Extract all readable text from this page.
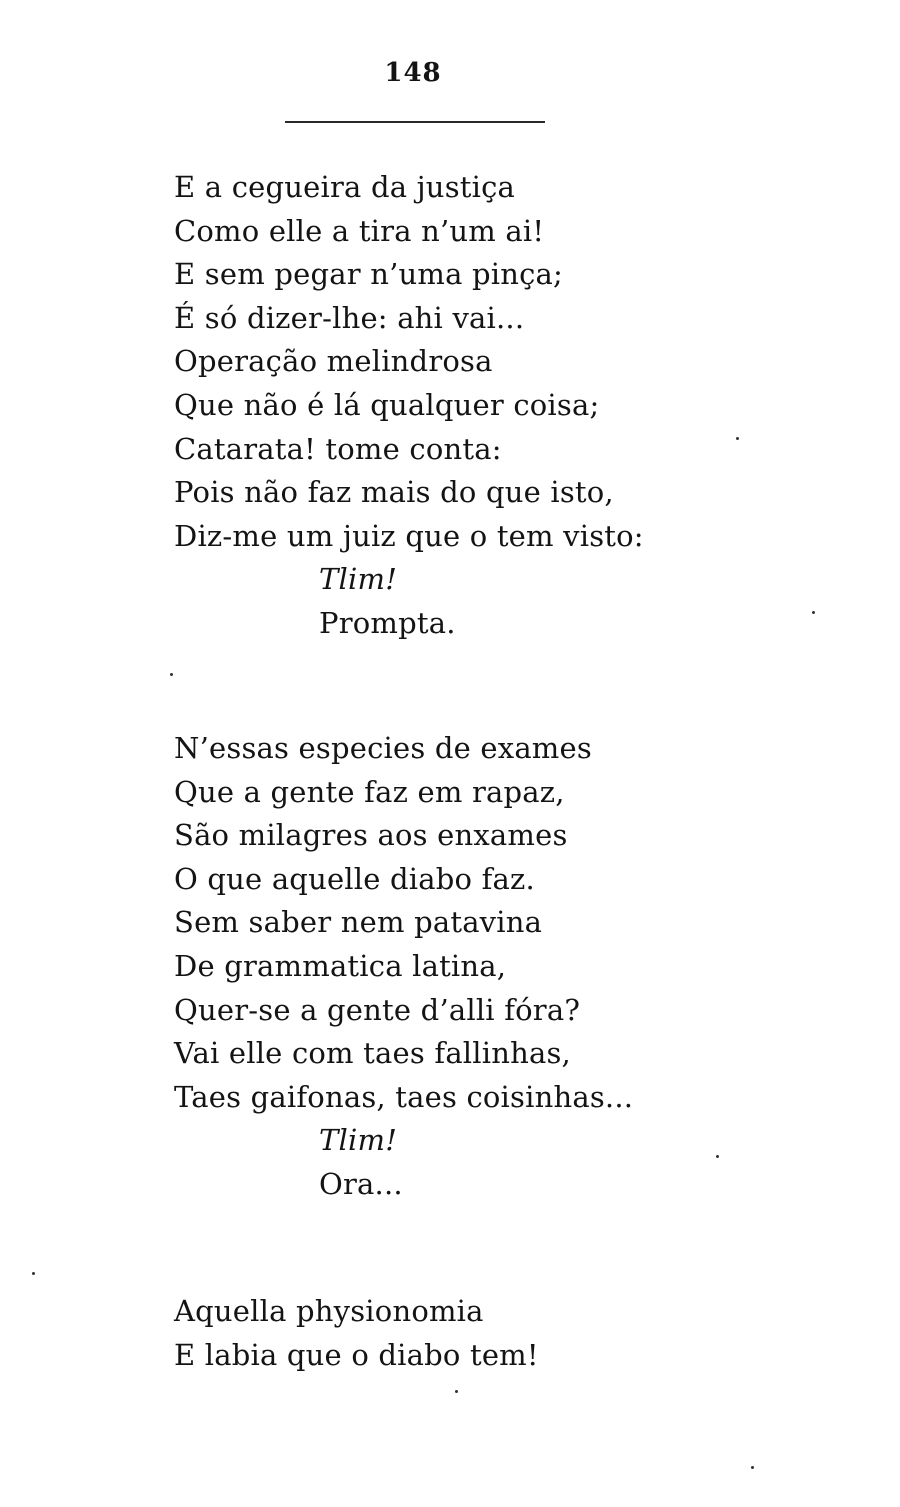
148
E a cegueira da justiça
Como elle a tira n’um ai!
E sem pegar n’uma pinça;
É só dizer-lhe: ahi vai...
Operação melindrosa
Que não é lá qualquer coisa;
Catarata! tome conta:
Pois não faz mais do que isto,
Diz-me um juiz que o tem visto:
Tlim!
Prompta.
N’essas especies de exames
Que a gente faz em rapaz,
São milagres aos enxames
O que aquelle diabo faz.
Sem saber nem patavina
De grammatica latina,
Quer-se a gente d’alli fóra?
Vai elle com taes fallinhas,
Taes gaifonas, taes coisinhas...
Tlim!
Ora...
Aquella physionomia
E labia que o diabo tem!
